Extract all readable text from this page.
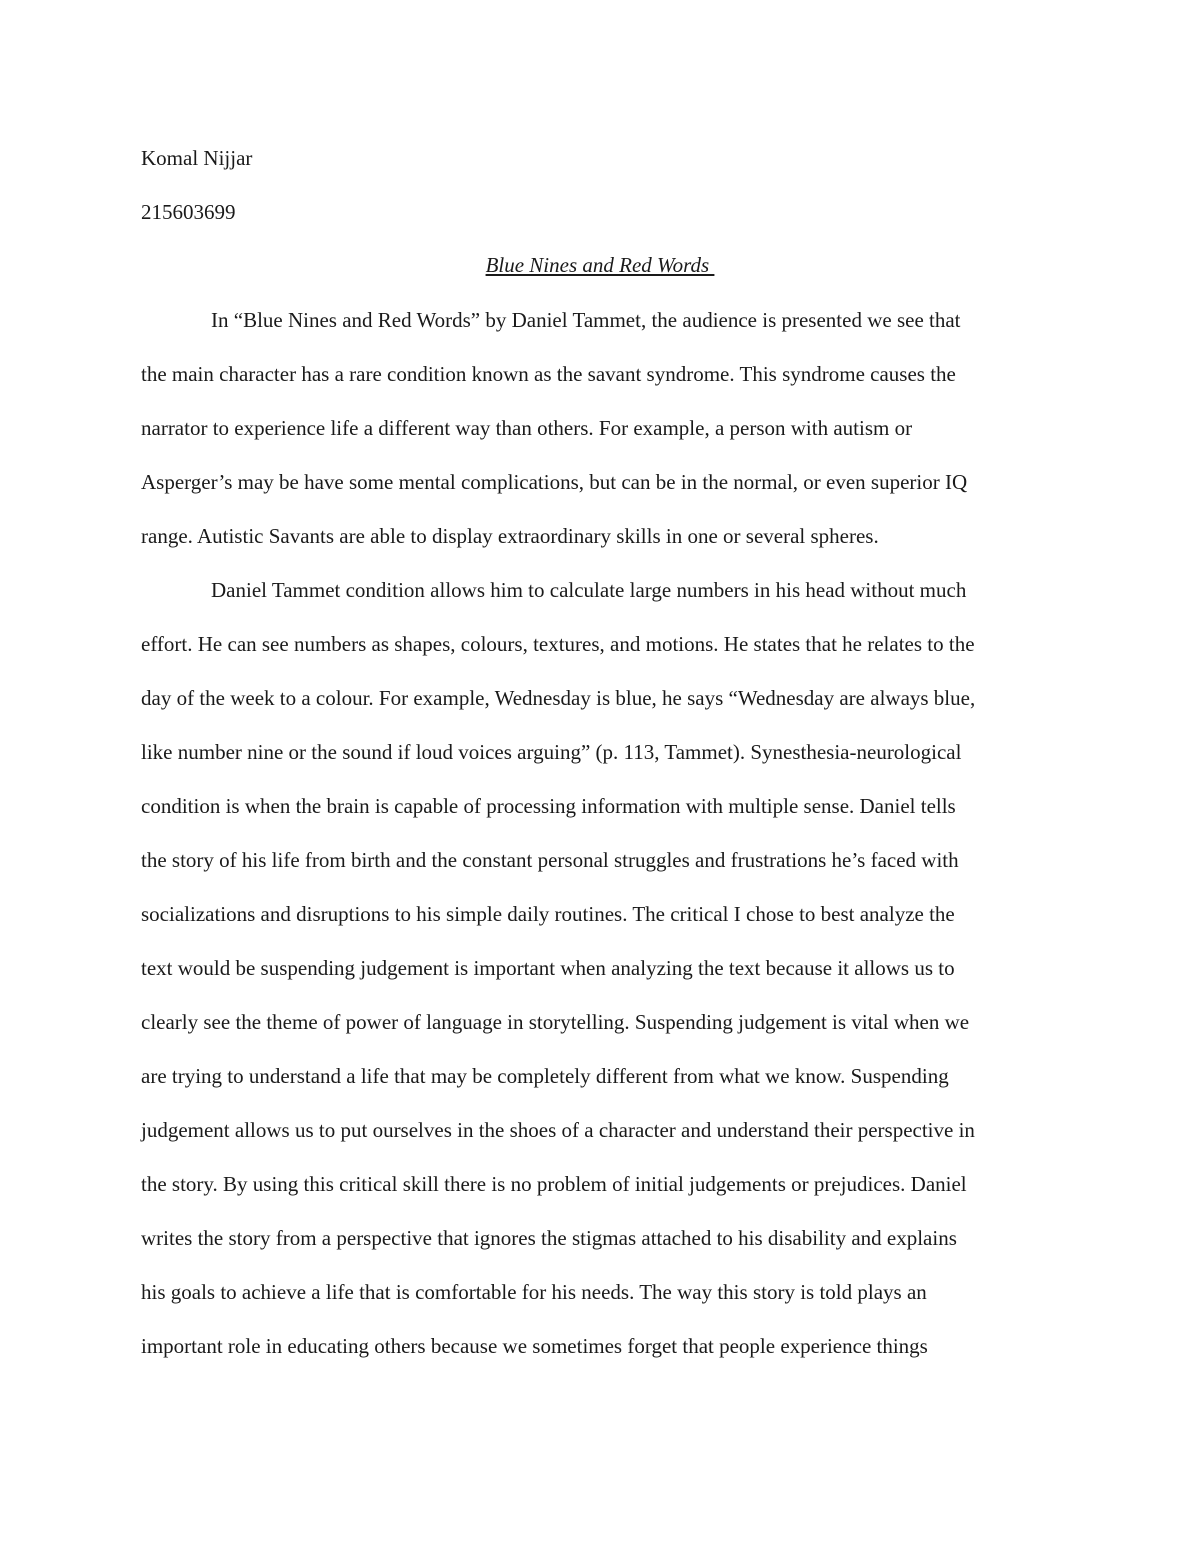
Komal Nijjar
215603699
Blue Nines and Red Words
In “Blue Nines and Red Words” by Daniel Tammet, the audience is presented we see that
the main character has a rare condition known as the savant syndrome. This syndrome causes the
narrator to experience life a different way than others. For example, a person with autism or
Asperger’s may be have some mental complications, but can be in the normal, or even superior IQ
range. Autistic Savants are able to display extraordinary skills in one or several spheres.
Daniel Tammet condition allows him to calculate large numbers in his head without much
effort. He can see numbers as shapes, colours, textures, and motions. He states that he relates to the
day of the week to a colour. For example, Wednesday is blue, he says “Wednesday are always blue,
like number nine or the sound if loud voices arguing” (p. 113, Tammet). Synesthesia-neurological
condition is when the brain is capable of processing information with multiple sense. Daniel tells
the story of his life from birth and the constant personal struggles and frustrations he’s faced with
socializations and disruptions to his simple daily routines. The critical I chose to best analyze the
text would be suspending judgement is important when analyzing the text because it allows us to
clearly see the theme of power of language in storytelling. Suspending judgement is vital when we
are trying to understand a life that may be completely different from what we know. Suspending
judgement allows us to put ourselves in the shoes of a character and understand their perspective in
the story. By using this critical skill there is no problem of initial judgements or prejudices. Daniel
writes the story from a perspective that ignores the stigmas attached to his disability and explains
his goals to achieve a life that is comfortable for his needs. The way this story is told plays an
important role in educating others because we sometimes forget that people experience things
